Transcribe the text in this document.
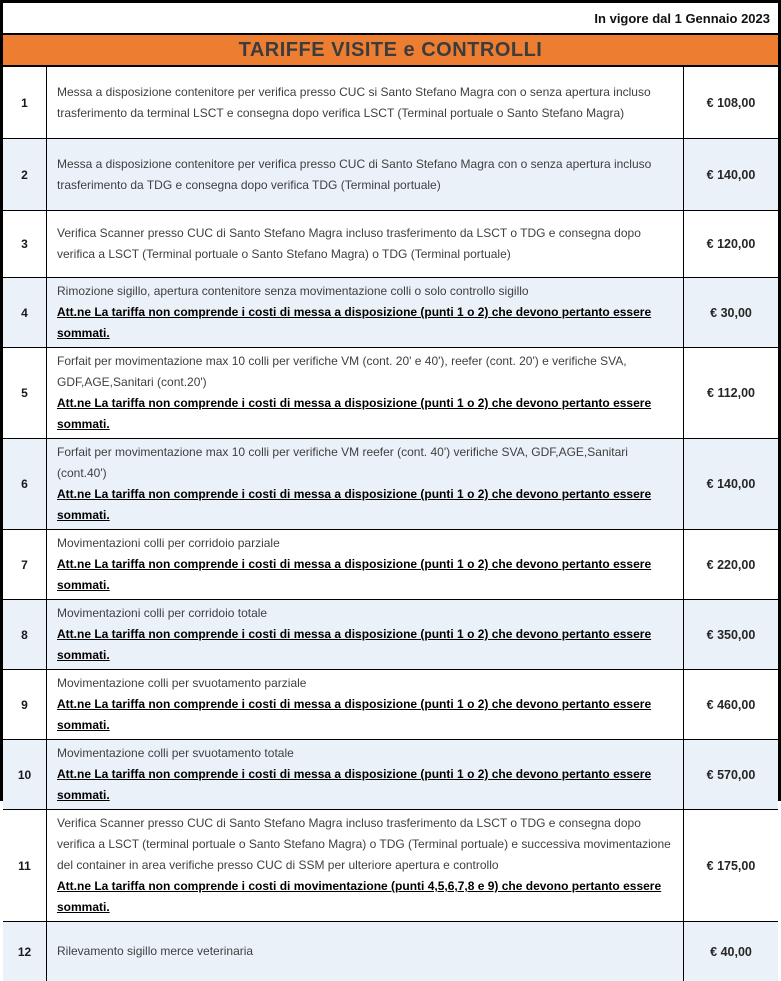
In vigore dal 1 Gennaio 2023
TARIFFE VISITE e CONTROLLI
1
Messa a disposizione contenitore per verifica presso CUC si Santo Stefano Magra con o senza apertura incluso trasferimento da terminal LSCT e consegna dopo verifica LSCT (Terminal portuale o Santo Stefano Magra)
€ 108,00
2
Messa a disposizione contenitore per verifica presso CUC di Santo Stefano Magra con o senza apertura incluso trasferimento da TDG e consegna dopo verifica TDG (Terminal portuale)
€ 140,00
3
Verifica Scanner presso CUC di Santo Stefano Magra incluso trasferimento da LSCT o TDG e consegna dopo verifica a LSCT (Terminal portuale o Santo Stefano Magra) o TDG (Terminal portuale)
€ 120,00
4
Rimozione sigillo, apertura contenitore senza movimentazione colli o solo controllo sigillo
Att.ne La tariffa non comprende i costi di messa a disposizione (punti 1 o 2) che devono pertanto essere sommati.
€ 30,00
5
Forfait per movimentazione max 10 colli per verifiche VM (cont. 20' e 40'), reefer (cont. 20') e verifiche SVA, GDF,AGE,Sanitari (cont.20')
Att.ne La tariffa non comprende i costi di messa a disposizione (punti 1 o 2) che devono pertanto essere sommati.
€ 112,00
6
Forfait per movimentazione max 10 colli per verifiche VM reefer (cont. 40') verifiche SVA, GDF,AGE,Sanitari (cont.40')
Att.ne La tariffa non comprende i costi di messa a disposizione (punti 1 o 2) che devono pertanto essere sommati.
€ 140,00
7
Movimentazioni colli per corridoio parziale
Att.ne La tariffa non comprende i costi di messa a disposizione (punti 1 o 2) che devono pertanto essere sommati.
€ 220,00
8
Movimentazioni colli per corridoio totale
Att.ne La tariffa non comprende i costi di messa a disposizione (punti 1 o 2) che devono pertanto essere sommati.
€ 350,00
9
Movimentazione colli per svuotamento parziale
Att.ne La tariffa non comprende i costi di messa a disposizione (punti 1 o 2) che devono pertanto essere sommati.
€ 460,00
10
Movimentazione colli per svuotamento totale
Att.ne La tariffa non comprende i costi di messa a disposizione (punti 1 o 2) che devono pertanto essere sommati.
€ 570,00
11
Verifica Scanner presso CUC di Santo Stefano Magra incluso trasferimento da LSCT o TDG e consegna dopo verifica a LSCT (terminal portuale o Santo Stefano Magra) o TDG (Terminal portuale) e successiva movimentazione del container in area verifiche presso CUC di SSM per ulteriore apertura e controllo
Att.ne La tariffa non comprende i costi di movimentazione (punti 4,5,6,7,8 e 9) che devono pertanto essere sommati.
€ 175,00
12	Rilevamento sigillo merce veterinaria	€ 40,00
